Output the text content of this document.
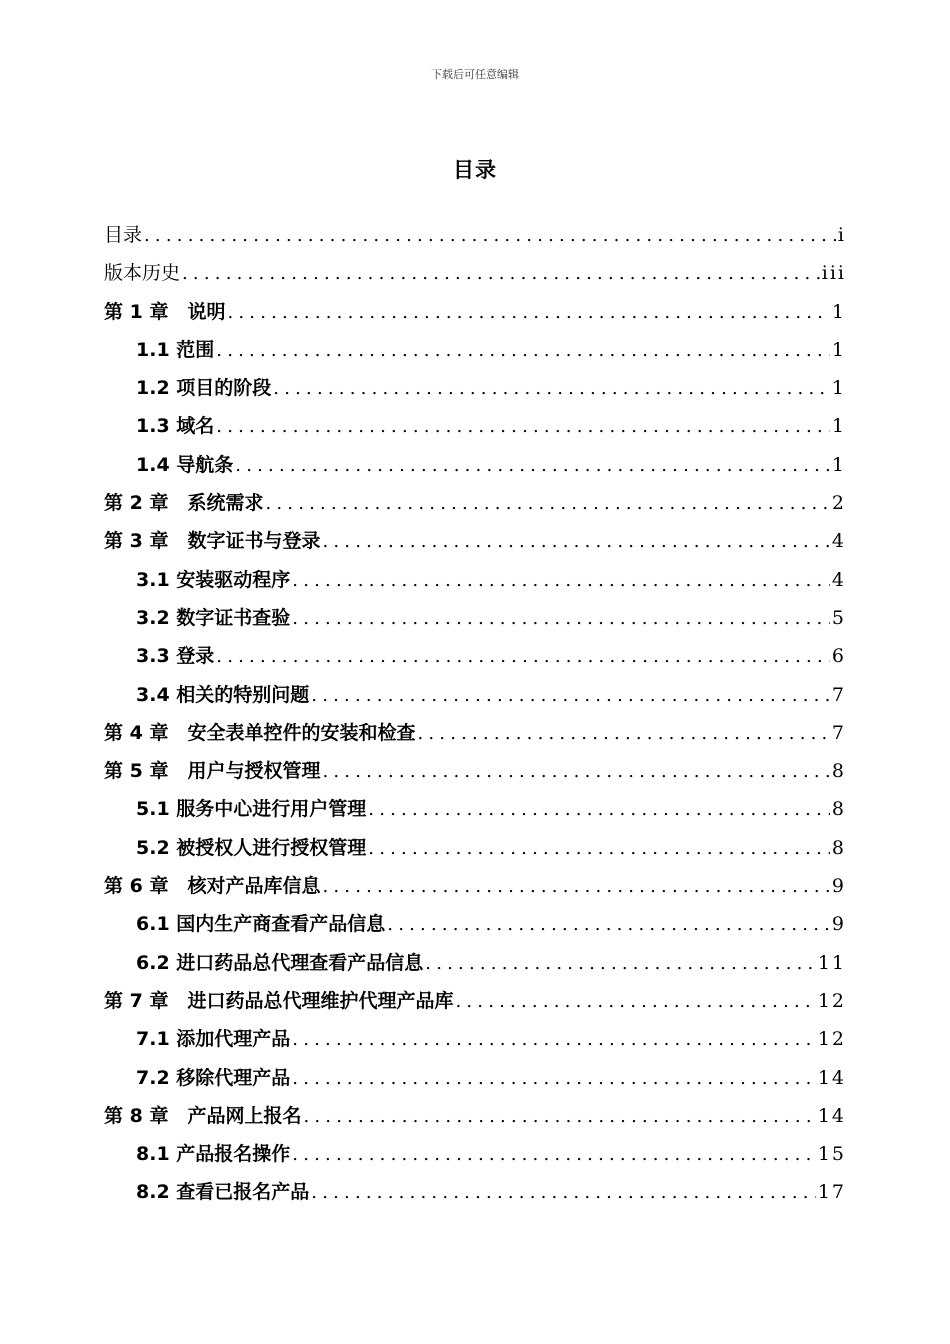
下载后可任意编辑
目录
目录 .....	i
版本历史 .....	iii
第 1 章　说明 .....	1
1.1 范围 .....	1
1.2 项目的阶段 .....	1
1.3 域名 .....	1
1.4 导航条 .....	1
第 2 章　系统需求 .....	2
第 3 章　数字证书与登录 .....	4
3.1 安装驱动程序 .....	4
3.2 数字证书查验 .....	5
3.3 登录 .....	6
3.4 相关的特别问题 .....	7
第 4 章　安全表单控件的安装和检查 .....	7
第 5 章　用户与授权管理 .....	8
5.1 服务中心进行用户管理 .....	8
5.2 被授权人进行授权管理 .....	8
第 6 章　核对产品库信息 .....	9
6.1 国内生产商查看产品信息 .....	9
6.2 进口药品总代理查看产品信息 .....	11
第 7 章　进口药品总代理维护代理产品库 .....	12
7.1 添加代理产品 .....	12
7.2 移除代理产品 .....	14
第 8 章　产品网上报名 .....	14
8.1 产品报名操作 .....	15
8.2 查看已报名产品 .....	17
